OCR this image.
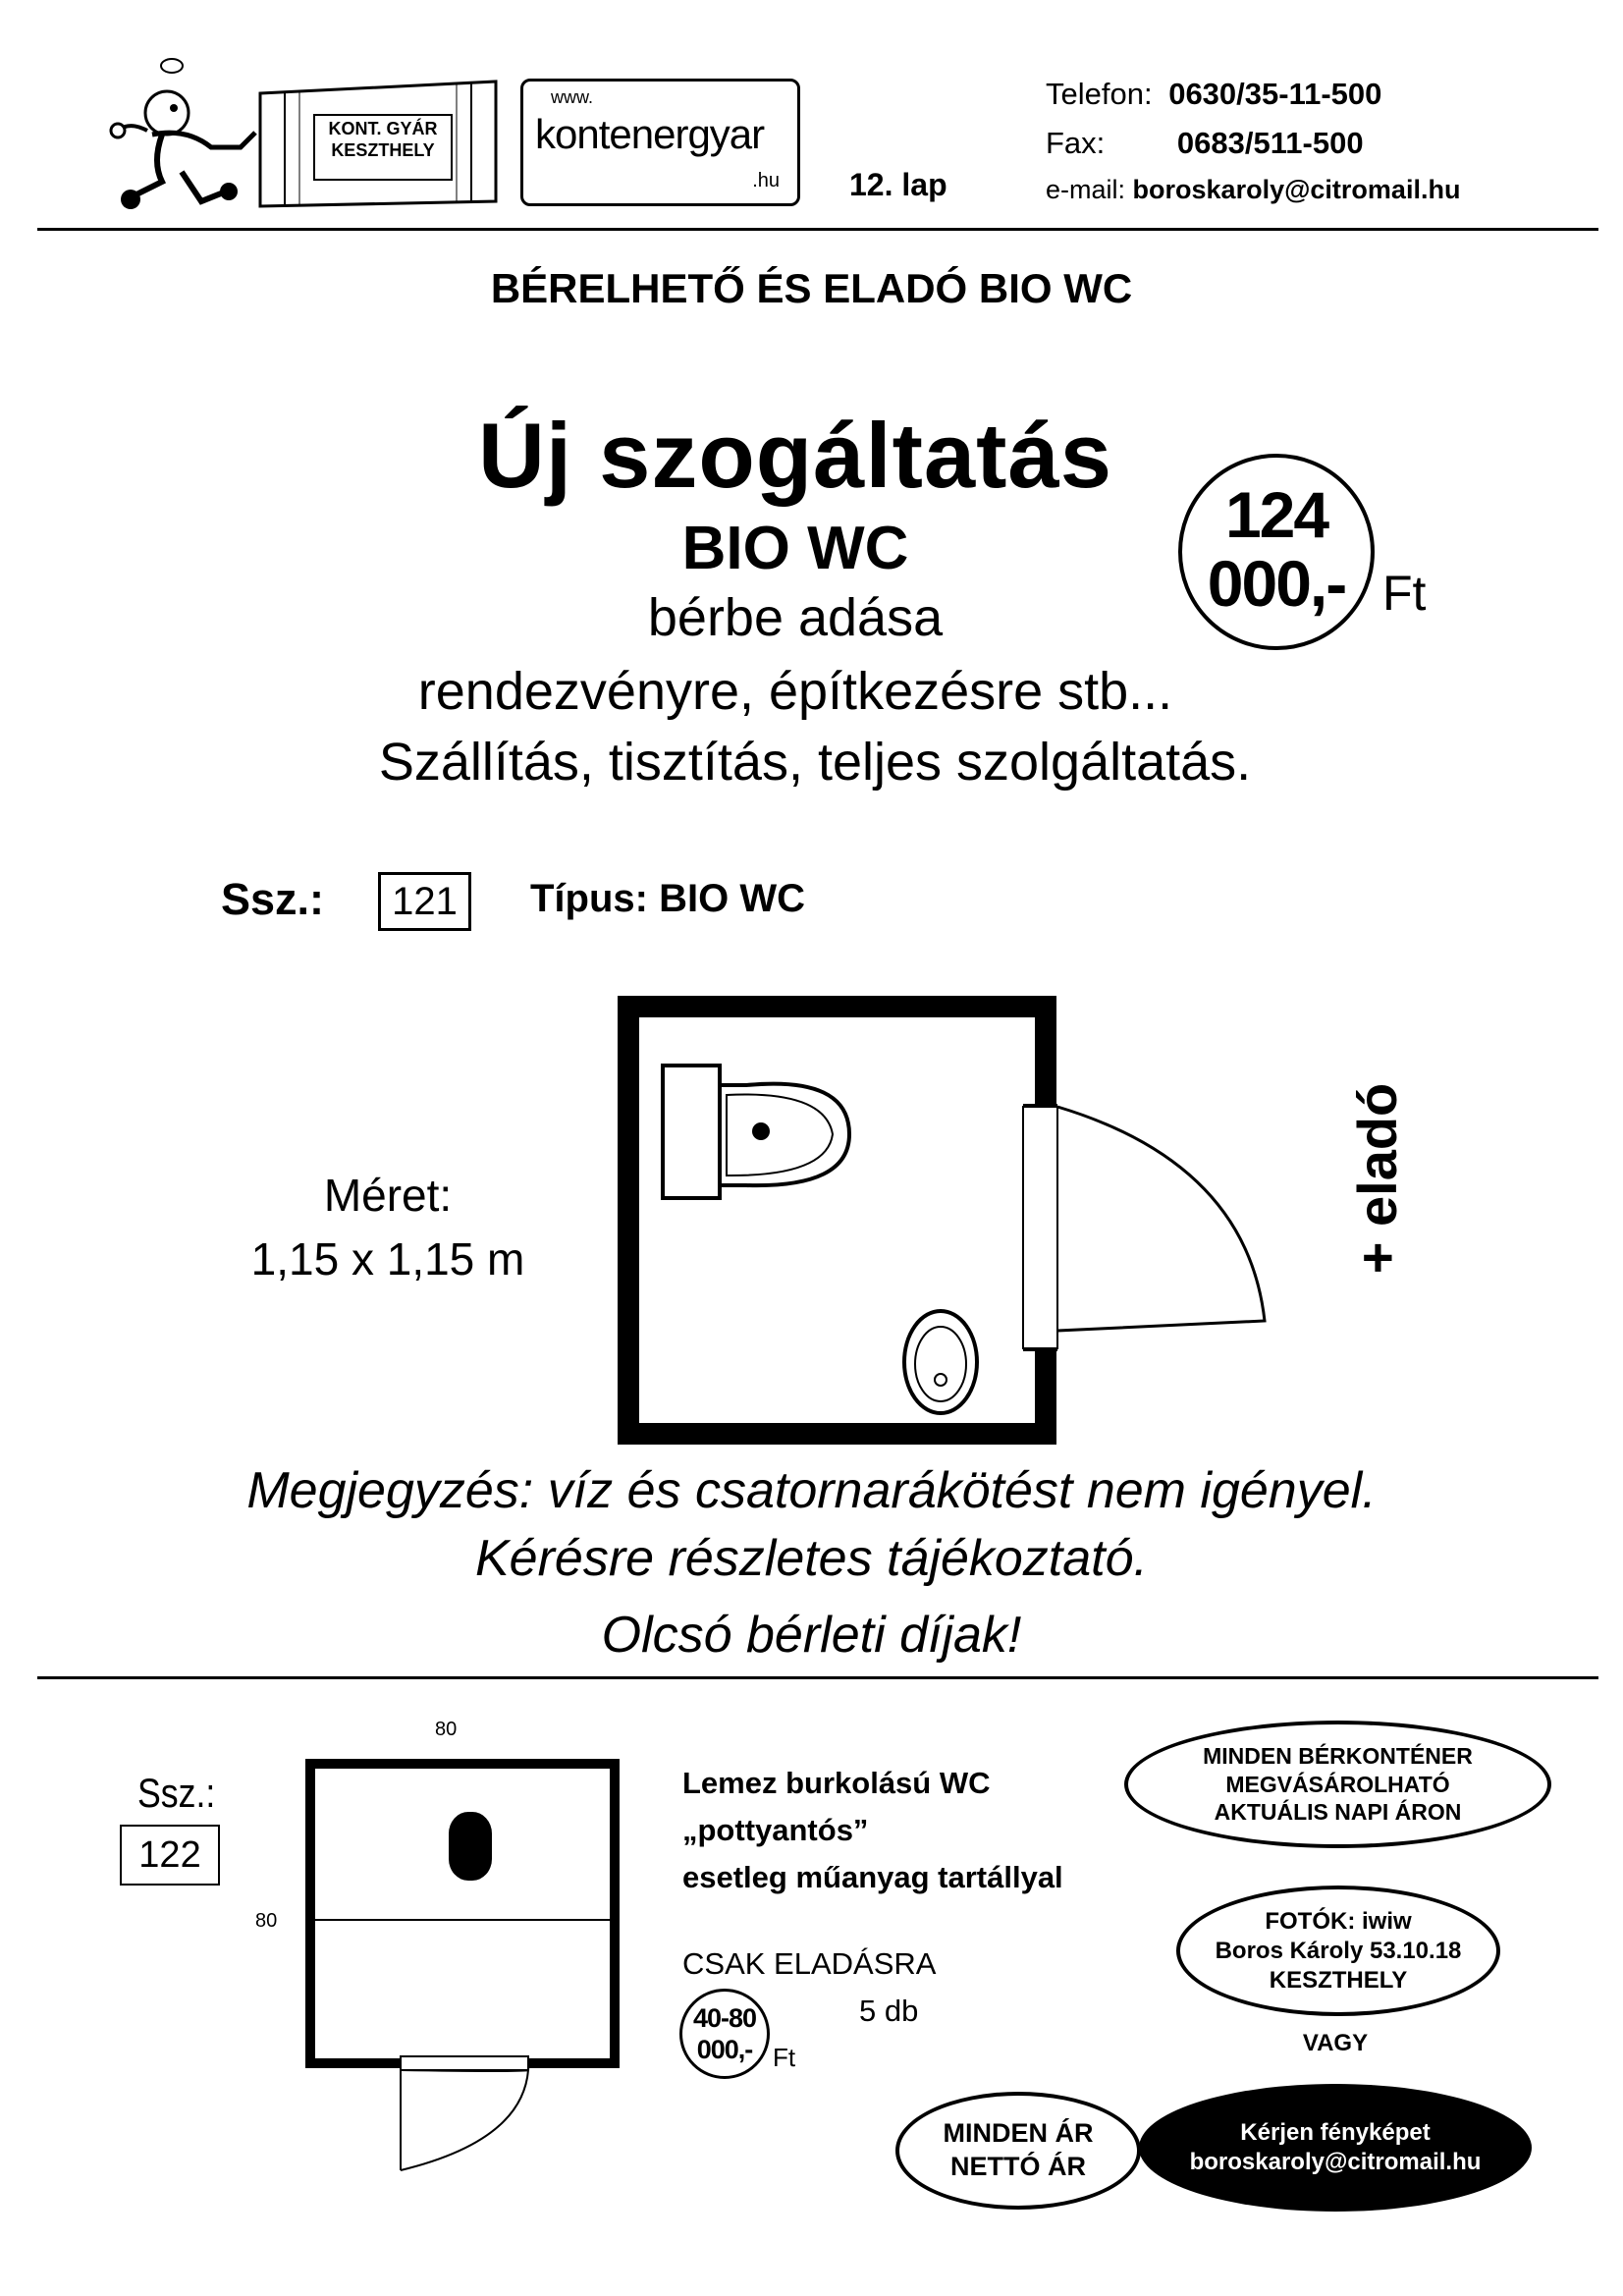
KONT. GYÁR KESZTHELY
www.
kontenergyar
.hu 12. lap
Telefon: 0630/35-11-500
Fax: 0683/511-500
e-mail: boroskaroly@citromail.hu
BÉRELHETŐ ÉS ELADÓ BIO WC
Új szogáltatás
BIO WC
bérbe adása
rendezvényre, építkezésre stb...
Szállítás, tisztítás, teljes szolgáltatás.
124
000,- Ft
Ssz.: 121 Típus: BIO WC
Méret:
1,15 x 1,15 m	+ eladó
Megjegyzés: víz és csatornarákötést nem igényel.
Kérésre részletes tájékoztató.
Olcsó bérleti díjak!
80
80
Ssz.:
122
Lemez burkolású WC
„pottyantós”
esetleg műanyag tartállyal
CSAK ELADÁSRA
5 db
40-80
000,- Ft
MINDEN BÉRKONTÉNER
MEGVÁSÁROLHATÓ
AKTUÁLIS NAPI ÁRON
FOTÓK: iwiw
Boros Károly 53.10.18
KESZTHELY
VAGY
MINDEN ÁR
NETTÓ ÁR
Kérjen fényképet
boroskaroly@citromail.hu
